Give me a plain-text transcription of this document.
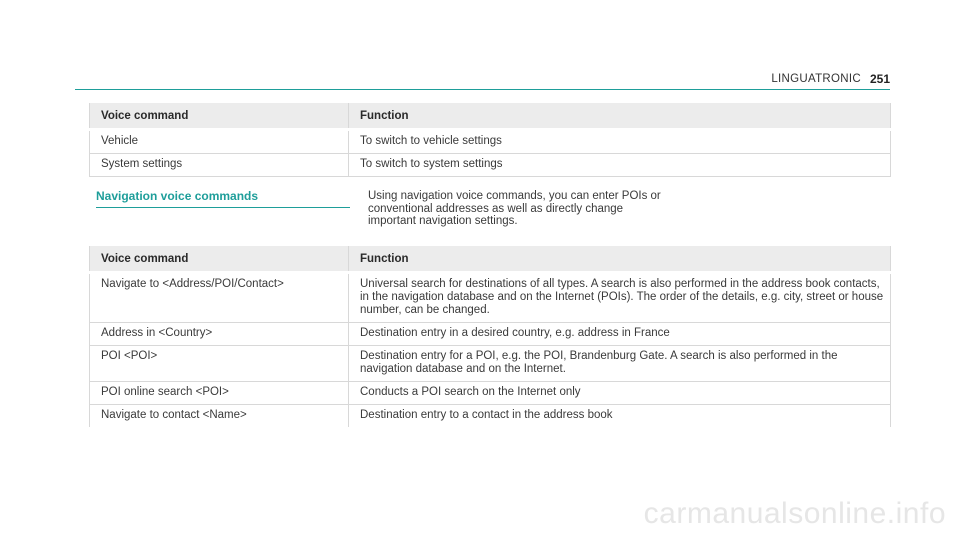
LINGUATRONIC 251
Voice command	Function
Vehicle	To switch to vehicle settings
System settings	To switch to system settings
Navigation voice commands	Using navigation voice commands, you can enter POIs or conventional addresses as well as directly change important navigation settings.
Voice command	Function
Navigate to <Address/POI/Contact>	Universal search for destinations of all types. A search is also performed in the address book contacts, in the navigation database and on the Internet (POIs). The order of the details, e.g. city, street or house number, can be changed.
Address in <Country>	Destination entry in a desired country, e.g. address in France
POI <POI>	Destination entry for a POI, e.g. the POI, Brandenburg Gate. A search is also performed in the navigation database and on the Internet.
POI online search <POI>	Conducts a POI search on the Internet only
Navigate to contact <Name>	Destination entry to a contact in the address book
carmanualsonline.info
